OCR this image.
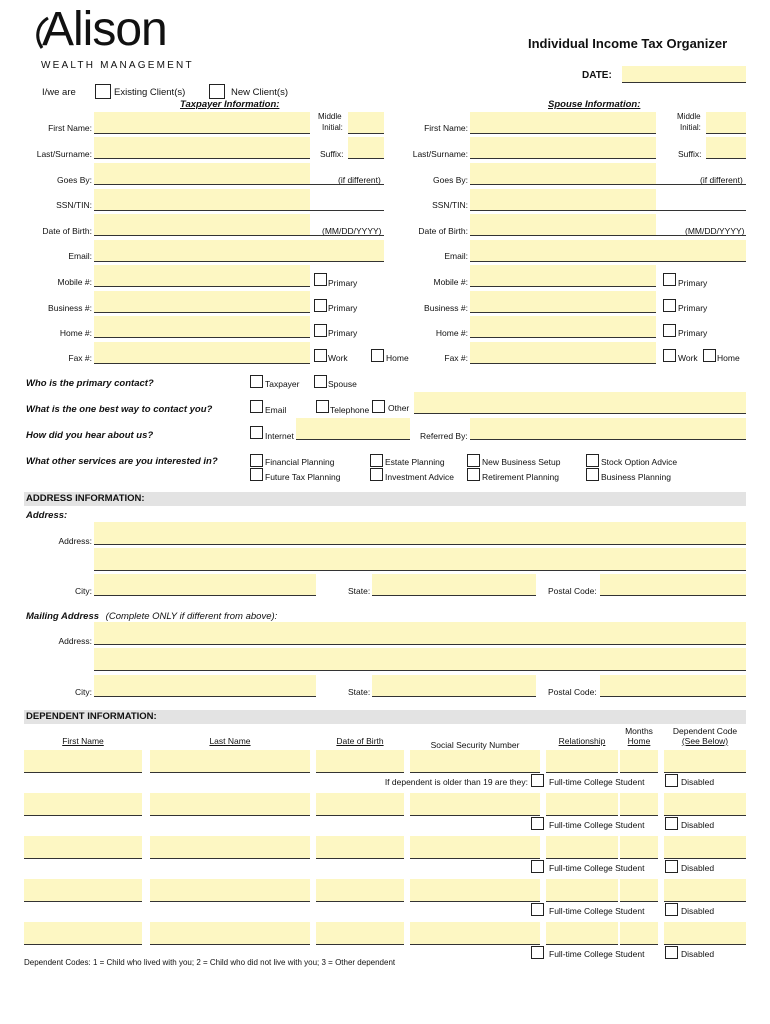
Alison
WEALTH MANAGEMENT
Individual Income Tax Organizer
DATE:
I/we are	Existing Client(s)	New Client(s)
Taxpayer Information:	Spouse Information:
First Name:
Middle
Initial:
Last/Surname:	Suffix:
Goes By:	(if different)
SSN/TIN:
Date of Birth:	(MM/DD/YYYY)
Email:
Mobile #:	Primary
Business #:	Primary
Home #:	Primary
Fax #:	Work	Home
First Name:
Middle
Initial:
Last/Surname:	Suffix:
Goes By:	(if different)
SSN/TIN:
Date of Birth:	(MM/DD/YYYY)
Email:
Mobile #:	Primary
Business #:	Primary
Home #:	Primary
Fax #:	Work Home
Who is the primary contact?	Taxpayer	Spouse
What is the one best way to contact you?	Email	Telephone Other
How did you hear about us?	Internet	Referred By:
What other services are you interested in?	Financial Planning
Future Tax Planning
Estate Planning
Investment Advice
New Business Setup
Retirement Planning
Stock Option Advice
Business Planning
ADDRESS INFORMATION:
Address:
Address:
City:	State:	Postal Code:
Mailing Address (Complete ONLY if different from above):
Address:
City:	State:	Postal Code:
DEPENDENT INFORMATION:
First Name	Last Name	Date of Birth	Social Security Number	Relationship
Months
Home
Dependent Code
(See Below)
Full-time College Student	Disabled
If dependent is older than 19 are they:
Full-time College Student	Disabled
Full-time College Student	Disabled
Full-time College Student	Disabled
Full-time College Student	Disabled
Dependent Codes: 1 = Child who lived with you; 2 = Child who did not live with you; 3 = Other dependent
